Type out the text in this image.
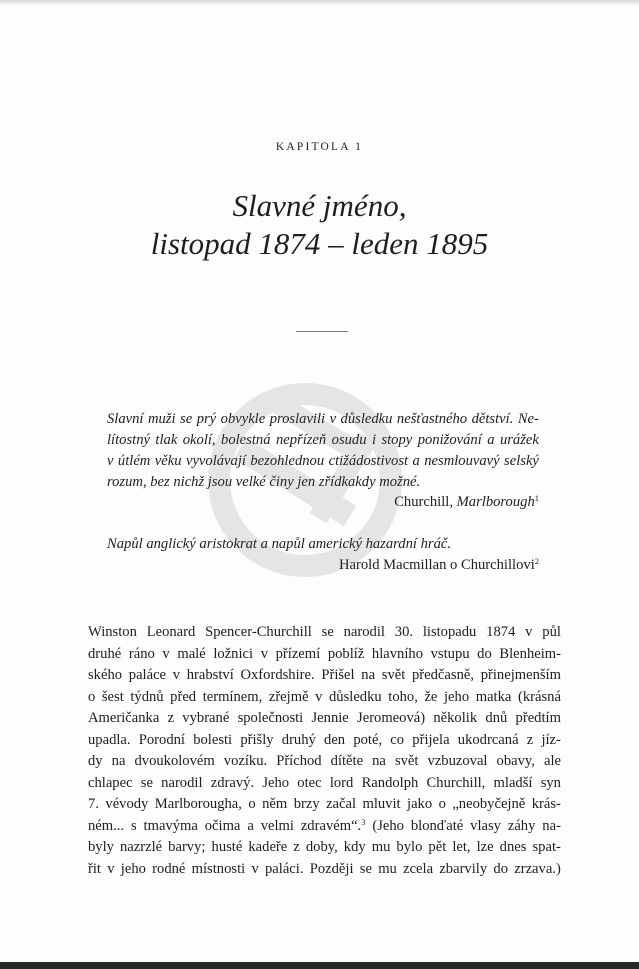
KAPITOLA 1
Slavné jméno,
listopad 1874 – leden 1895
Slavní muži se prý obvykle proslavili v důsledku nešťastného dětství. Ne-
lítostný tlak okolí, bolestná nepřízeň osudu i stopy ponižování a urážek
v útlém věku vyvolávají bezohlednou ctižádostivost a nesmlouvavý selský
rozum, bez nichž jsou velké činy jen zřídkakdy možné.
Churchill, Marlborough$^1$
Napůl anglický aristokrat a napůl americký hazardní hráč.
Harold Macmillan o Churchillovi$^2$
Winston Leonard Spencer-Churchill se narodil 30. listopadu 1874 v půl
druhé ráno v malé ložnici v přízemí poblíž hlavního vstupu do Blenheim-
ského paláce v hrabství Oxfordshire. Přišel na svět předčasně, přinejmenším
o šest týdnů před termínem, zřejmě v důsledku toho, že jeho matka (krásná
Američanka z vybrané společnosti Jennie Jeromeová) několik dnů předtím
upadla. Porodní bolesti přišly druhý den poté, co přijela ukodrcaná z jíz-
dy na dvoukolovém vozíku. Příchod dítěte na svět vzbuzoval obavy, ale
chlapec se narodil zdravý. Jeho otec lord Randolph Churchill, mladší syn
7. vévody Marlborougha, o něm brzy začal mluvit jako o „neobyčejně krás-
ném... s tmavýma očima a velmi zdravém“.$^3$ (Jeho blonďaté vlasy záhy na-
byly nazrzlé barvy; husté kadeře z doby, kdy mu bylo pět let, lze dnes spat-
řit v jeho rodné místnosti v paláci. Později se mu zcela zbarvily do zrzava.)
